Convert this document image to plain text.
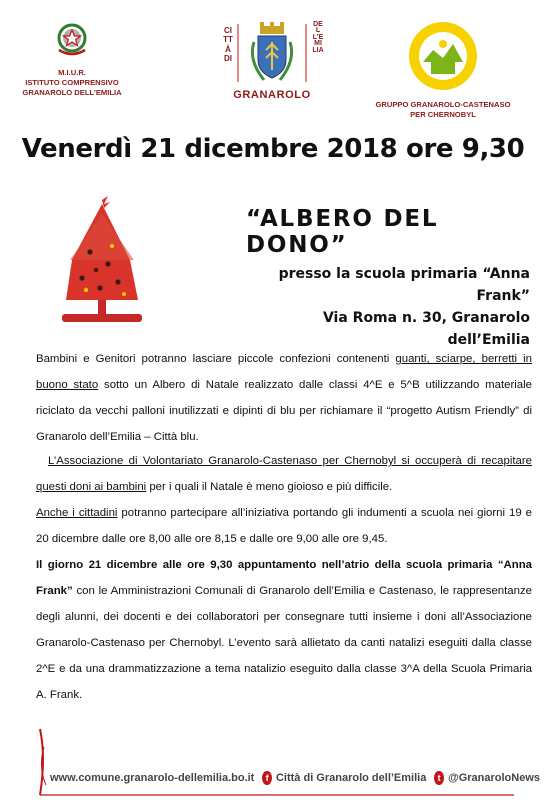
M.I.U.R.
ISTITUTO COMPRENSIVO
GRANAROLO DELL’EMILIA
CITTÀ DI
DELL’EMILIA
GRANAROLO
GRUPPO GRANAROLO-CASTENASO
PER CHERNOBYL
Venerdì 21 dicembre 2018 ore 9,30
“ALBERO DEL DONO”
presso la scuola primaria “Anna Frank”
Via Roma n. 30, Granarolo dell’Emilia
Bambini e Genitori potranno lasciare piccole confezioni contenenti guanti, sciarpe, berretti in buono stato sotto un Albero di Natale realizzato dalle classi 4^E e 5^B utilizzando materiale riciclato da vecchi palloni inutilizzati e dipinti di blu per richiamare il “progetto Autism Friendly” di Granarolo dell’Emilia – Città blu.
L’Associazione di Volontariato Granarolo-Castenaso per Chernobyl si occuperà di recapitare questi doni ai bambini per i quali il Natale è meno gioioso e più difficile.
Anche i cittadini potranno partecipare all’iniziativa portando gli indumenti a scuola nei giorni 19 e 20 dicembre dalle ore 8,00 alle ore 8,15 e dalle ore 9,00 alle ore 9,45.
Il giorno 21 dicembre alle ore 9,30 appuntamento nell’atrio della scuola primaria “Anna Frank” con le Amministrazioni Comunali di Granarolo dell’Emilia e Castenaso, le rappresentanze degli alunni, dei docenti e dei collaboratori per consegnare tutti insieme i doni all’Associazione Granarolo-Castenaso per Chernobyl. L’evento sarà allietato da canti natalizi eseguiti dalla classe 2^E e da una drammatizzazione a tema natalizio eseguito dalla classe 3^A della Scuola Primaria A. Frank.
www.comune.granarolo-dellemilia.bo.it	f Città di Granarolo dell’Emilia	t @GranaroloNews
